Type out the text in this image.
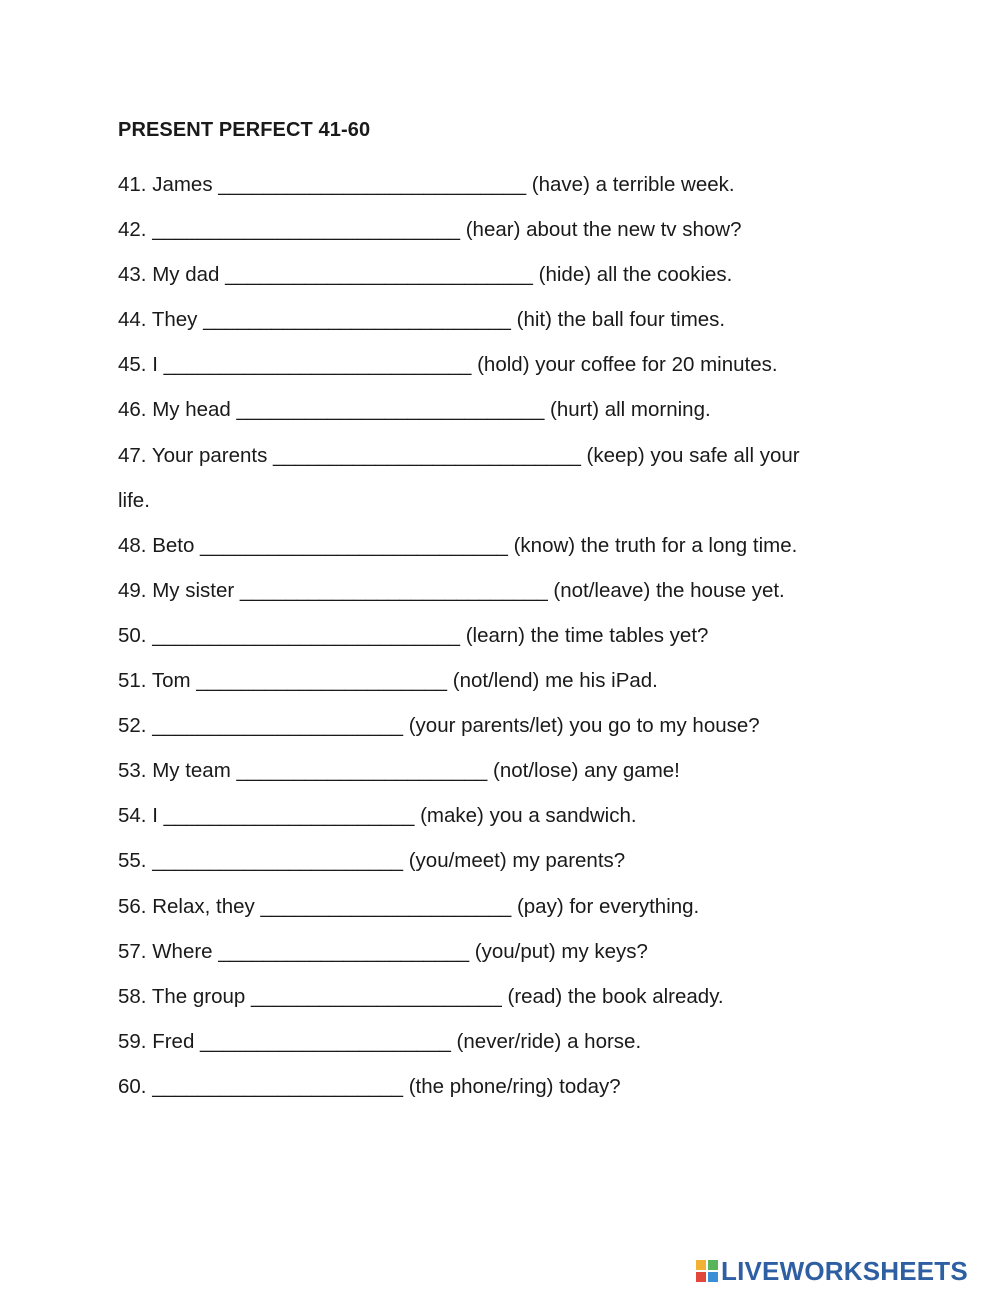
PRESENT PERFECT 41-60
41. James ___________________________ (have) a terrible week.
42. ___________________________ (hear) about the new tv show?
43. My dad ___________________________ (hide) all the cookies.
44. They ___________________________ (hit) the ball four times.
45. I ___________________________ (hold) your coffee for 20 minutes.
46. My head ___________________________ (hurt) all morning.
47. Your parents ___________________________ (keep) you safe all your
life.
48. Beto ___________________________ (know) the truth for a long time.
49. My sister ___________________________ (not/leave) the house yet.
50. ___________________________ (learn) the time tables yet?
51. Tom ______________________ (not/lend) me his iPad.
52. ______________________ (your parents/let) you go to my house?
53. My team ______________________ (not/lose) any game!
54. I ______________________ (make) you a sandwich.
55. ______________________ (you/meet) my parents?
56. Relax, they ______________________ (pay) for everything.
57. Where ______________________ (you/put) my keys?
58. The group ______________________ (read) the book already.
59. Fred ______________________ (never/ride) a horse.
60. ______________________ (the phone/ring) today?
LIVEWORKSHEETS
